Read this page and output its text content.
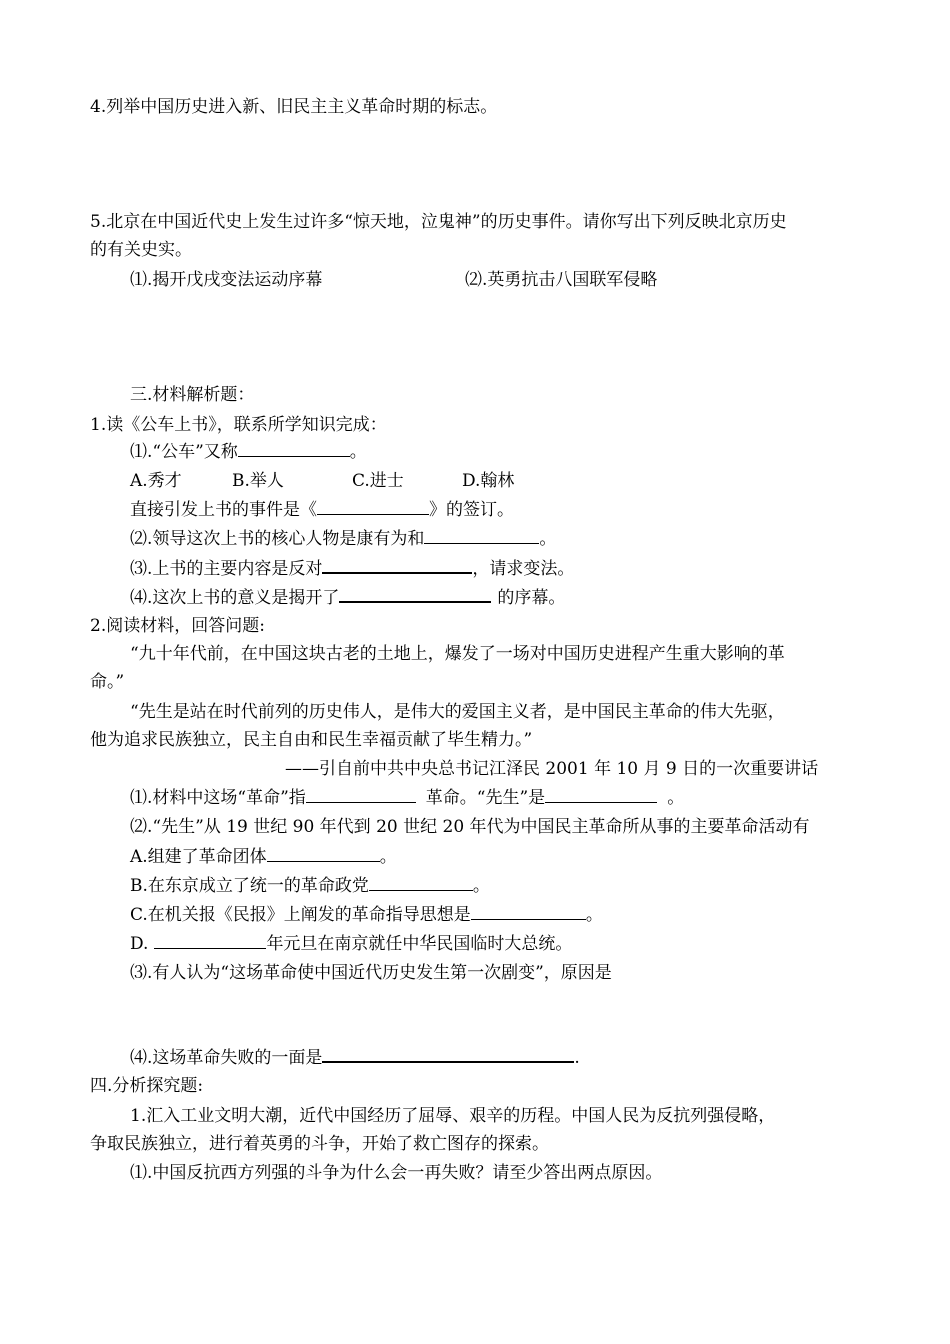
4.列举中国历史进入新、旧民主主义革命时期的标志。
5.北京在中国近代史上发生过许多“惊天地，泣鬼神”的历史事件。请你写出下列反映北京历史
的有关史实。
⑴.揭开戊戌变法运动序幕	⑵.英勇抗击八国联军侵略
三.材料解析题：
1.读《公车上书》，联系所学知识完成：
⑴.“公车”又称	。
A.秀才	B.举人	C.进士	D.翰林
直接引发上书的事件是《	》的签订。
⑵.领导这次上书的核心人物是康有为和	。
⑶.上书的主要内容是反对	，请求变法。
⑷.这次上书的意义是揭开了	的序幕。
2.阅读材料，回答问题:
“九十年代前，在中国这块古老的土地上，爆发了一场对中国历史进程产生重大影响的革
命。”
“先生是站在时代前列的历史伟人，是伟大的爱国主义者，是中国民主革命的伟大先驱，
他为追求民族独立，民主自由和民生幸福贡献了毕生精力。”
——引自前中共中央总书记江泽民 2001 年 10 月 9 日的一次重要讲话
⑴.材料中这场“革命”指	革命。“先生”是	。
⑵.“先生”从 19 世纪 90 年代到 20 世纪 20 年代为中国民主革命所从事的主要革命活动有
A.组建了革命团体	。
B.在东京成立了统一的革命政党	。
C.在机关报《民报》上阐发的革命指导思想是	。
D.	年元旦在南京就任中华民国临时大总统。
⑶.有人认为“这场革命使中国近代历史发生第一次剧变”，原因是
⑷.这场革命失败的一面是	.
四.分析探究题:
1.汇入工业文明大潮，近代中国经历了屈辱、艰辛的历程。中国人民为反抗列强侵略，
争取民族独立，进行着英勇的斗争，开始了救亡图存的探索。
⑴.中国反抗西方列强的斗争为什么会一再失败？请至少答出两点原因。
